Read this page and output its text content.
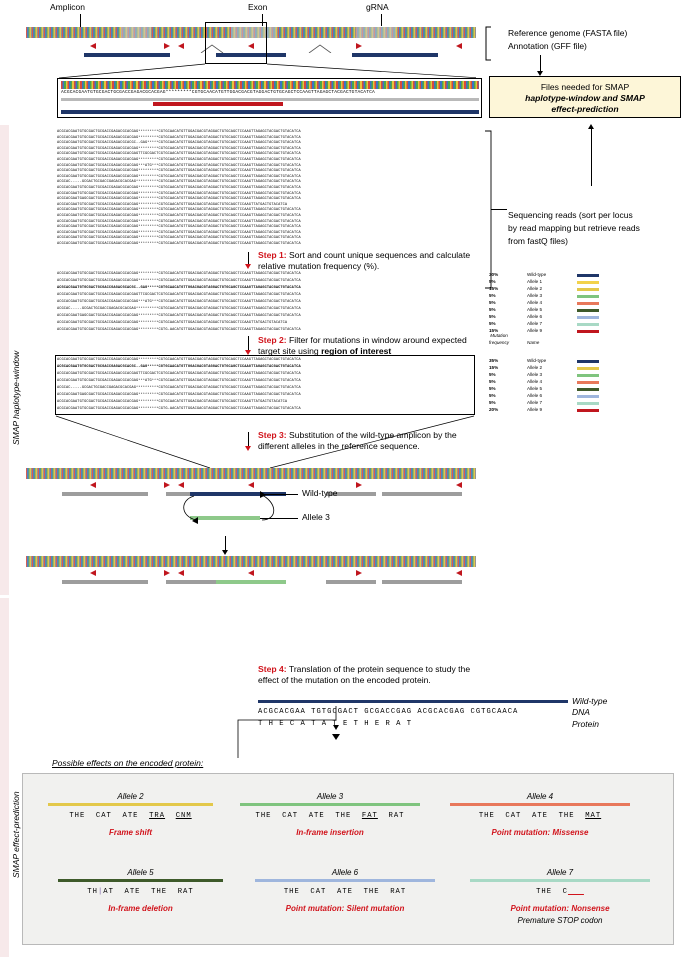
SMAP haplotype-window
SMAP effect-prediction
Amplicon	Exon	gRNA
Reference genome (FASTA file)
Annotation (GFF file)
Files needed for SMAP
haplotype-window and SMAP
effect-prediction
Sequencing reads (sort per locus
by read mapping but retrieve reads
from fastQ files)
ACGCACGAATGTGCGACTGCGACCGAGACGCACGAG*********CGTGCAACATGTTGGACGACGTAGGACTGTGCAGCTCCAAGTTAGAGCTACGACTGTACATCA
ACGCACGAATGTGCGACTGCGACCGAGACGCACGAG*********CGTGCAACATGTTGGACGACGTAGGACTGTGCAGCTCCAAGTTAGAGCTACGACTGTACATCA
ACGCACGAATGTGCGACTGCGACCGAGACGCACGAG*********CGTGCAACATGTTGGACGACGTAGGACTGTGCAGCTCCAAGTTAGAGCTACGACTGTACATCA
ACGCACGAATGTGCGACTGCGACCGAGACGCACGC--GAG*****CGTGCAACATGTTGGACGACGTAGGACTGTGCAGCTCCAAGTTAGAGCTACGACTGTACATCA
ACGCACGAATGTGCGACTGCGACCGAGACGCACGAG*********CGTGCAACATGTTGGACGACGTAGGACTGTGCAGCTCCAAGTTAGAGCTACGACTGTACATCA
ACGCACGAATGTGCGACTGCGACCGAGACGCACGAGTTCGCGACTCGTGCAACATGTTGGACGACGTAGGACTGTGCAGCTCCAAGTTAGAGCTACGACTGTACATCA
ACGCACGAATGTGCGACTGCGACCGAGACGCACGAG*********CGTGCAACATGTTGGACGACGTAGGACTGTGCAGCTCCAAGTTAGAGCTACGACTGTACATCA
ACGCACGAATGTGCGACTGCGACCGAGACGCACGAG***ATG***CGTGCAACATGTTGGACGACGTAGGACTGTGCAGCTCCAAGTTAGAGCTACGACTGTACATCA
ACGCACGAATGTGCGACTGCGACCGAGACGCACGAG*********CGTGCAACATGTTGGACGACGTAGGACTGTGCAGCTCCAAGTTAGAGCTACGACTGTACATCA
ACGCACGAATGTGCGACTGCGACCGAGACGCACGAG*********CGTGCAACATGTTGGACGACGTAGGACTGTGCAGCTCCAAGTTAGAGCTACGACTGTACATCA
ACGCAC-----GCGACTGCGACCGAGACGCACGAG**********CGTGCAACATGTTGGACGACGTAGGACTGTGCAGCTCCAAGTTAGAGCTACGACTGTACATCA
ACGCACGAATGTGCGACTGCGACCGAGACGCACGAG*********CGTGCAACATGTTGGACGACGTAGGACTGTGCAGCTCCAAGTTAGAGCTACGACTGTACATCA
ACGCACGAATGTGCGACTGCGACCGAGACGCACGAG*********CGTGCAACATGTTGGACGACGTAGGACTGTGCAGCTCCAAGTTAGAGCTACGACTGTACATCA
ACGCACGAATGAGCGACTGCGACCGAGACGCACGAG*********CGTGCAACATGTTGGACGACGTAGGACTGTGCAGCTCCAAGTTAGAGCTACGACTGTACATCA
ACGCACGAATGTGCGACTGCGACCGAGACGCACGAG*********CGTGCAACATGTTGGACGACGTAGGACTGTGCAGCTCCAAGTTATGACTGTACATCA
ACGCACGAATGTGCGACTGCGACCGAGACGCACGAG*********CGTGCAACATGTTGGACGACGTAGGACTGTGCAGCTCCAAGTTAGAGCTACGACTGTACATCA
ACGCACGAATGTGCGACTGCGACCGAGACGCACGAG*********CGTGCAACATGTTGGACGACGTAGGACTGTGCAGCTCCAAGTTAGAGCTACGACTGTACATCA
ACGCACGAATGTGCGACTGCGACCGAGACGCACGAG*********CGTGCAACATGTTGGACGACGTAGGACTGTGCAGCTCCAAGTTAGAGCTACGACTGTACATCA
ACGCACGAATGTGCGACTGCGACCGAGACGCACGAG*********CGTGCAACATGTTGGACGACGTAGGACTGTGCAGCTCCAAGTTAGAGCTACGACTGTACATCA
ACGCACGAATGTGCGACTGCGACCGAGACGCACGAG*********CGTGCAACATGTTGGACGACGTAGGACTGTGCAGCTCCAAGTTAGAGCTACGACTGTACATCA
ACGCACGAATGTGCGACTGCGACCGAGACGCACGAG*********CGTGCAACATGTTGGACGACGTAGGACTGTGCAGCTCCAAGTTAGAGCTACGACTGTACATCA
ACGCACGAATGTGCGACTGCGACCGAGACGCACGAG*********CGTGCAACATGTTGGACGACGTAGGACTGTGCAGCTCCAAGTTAGAGCTACGACTGTACATCA
Step 1: Sort and count unique sequences and calculate relative mutation frequency (%).
ACGCACGAATGTGCGACTGCGACCGAGACGCACGAG*********CGTGCAACATGTTGGACGACGTAGGACTGTGCAGCTCCAAGTTAGAGCTACGACTGTACATCA	30%	Wild-type
ACGCACGAATGTGCGACTGCGACCGAGACGCACGAG*********CGTGCAACATGTTGGACGACGTAGGACTGTGCAGCTCCAAGTTAGAGCTACGACTGTACATCA	5%	Allele 1
ACGCACGAATGTGCGACTGCGACCGAGACGCACGC--GAG*****CGTGCAACATGTTGGACGACGTAGGACTGTGCAGCTCCAAGTTAGAGCTACGACTGTACATCA	15%	Allele 2
ACGCACGAATGTGCGACTGCGACCGAGACGCACGAGTTCGCGACTCGTGCAACATGTTGGACGACGTAGGACTGTGCAGCTCCAAGTTAGAGCTACGACTGTACATCA	5%	Allele 3
ACGCACGAATGTGCGACTGCGACCGAGACGCACGAG***ATG***CGTGCAACATGTTGGACGACGTAGGACTGTGCAGCTCCAAGTTAGAGCTACGACTGTACATCA	5%	Allele 4
ACGCAC-----GCGACTGCGACCGAGACGCACGAG**********CGTGCAACATGTTGGACGACGTAGGACTGTGCAGCTCCAAGTTAGAGCTACGACTGTACATCA	5%	Allele 5
ACGCACGAATGAGCGACTGCGACCGAGACGCACGAG*********CGTGCAACATGTTGGACGACGTAGGACTGTGCAGCTCCAAGTTAGAGCTACGACTGTACATCA	5%	Allele 6
ACGCACGAATGTGCGACTGCGACCGAGACGCACGAG*********CGTGCAACATGTTGGACGACGTAGGACTGTGCAGCTCCAAGTTATGACTGTACATCA	5%	Allele 7
ACGCACGAATGTGCGACTGCGACCGAGACGCACGAG*********CGTG-AACATGTTGGACGACGTAGGACTGTGCAGCTCCAAGTTAGAGCTACGACTGTACATCA	15%	Allele 9
Step 2: Filter for mutations in window around expected target site using region of interest
Mutation frequency	Name
ACGCACGAATGTGCGACTGCGACCGAGACGCACGAG*********CGTGCAACATGTTGGACGACGTAGGACTGTGCAGCTCCAAGTTAGAGCTACGACTGTACATCA	35%	Wild-type
ACGCACGAATGTGCGACTGCGACCGAGACGCACGC--GAG*****CGTGCAACATGTTGGACGACGTAGGACTGTGCAGCTCCAAGTTAGAGCTACGACTGTACATCA	15%	Allele 2
ACGCACGAATGTGCGACTGCGACCGAGACGCACGAGTTCGCGACTCGTGCAACATGTTGGACGACGTAGGACTGTGCAGCTCCAAGTTAGAGCTACGACTGTACATCA	5%	Allele 3
ACGCACGAATGTGCGACTGCGACCGAGACGCACGAG***ATG***CGTGCAACATGTTGGACGACGTAGGACTGTGCAGCTCCAAGTTAGAGCTACGACTGTACATCA	5%	Allele 4
ACGCAC-----GCGACTGCGACCGAGACGCACGAG**********CGTGCAACATGTTGGACGACGTAGGACTGTGCAGCTCCAAGTTAGAGCTACGACTGTACATCA	5%	Allele 5
ACGCACGAATGAGCGACTGCGACCGAGACGCACGAG*********CGTGCAACATGTTGGACGACGTAGGACTGTGCAGCTCCAAGTTAGAGCTACGACTGTACATCA	5%	Allele 6
ACGCACGAATGTGCGACTGCGACCGAGACGCACGAG*********CGTGCAACATGTTGGACGACGTAGGACTGTGCAGCTCCAAGTTATGACTGTACATCA	5%	Allele 7
ACGCACGAATGTGCGACTGCGACCGAGACGCACGAG*********CGTG-AACATGTTGGACGACGTAGGACTGTGCAGCTCCAAGTTAGAGCTACGACTGTACATCA	20%	Allele 9
Step 3: Substitution of the wild-type amplicon by the different alleles in the reference sequence.
Wild-type
Allele 3
Step 4: Translation of the protein sequence to study the effect of the mutation on the encoded protein.
Wild-type
ACGCACGAA TGTGCGACT GCGACCGAG ACGCACGAG CGTGCAACA	DNA
T H E C A T A T E T H E R A T	Protein
Possible effects on the encoded protein:
Allele 2
THE CAT ATE TRA CNM
Frame shift
Allele 3
THE CAT ATE THE FAT RAT
In-frame insertion
Allele 4
THE CAT ATE THE MAT
Point mutation: Missense
Allele 5
TH|AT ATE THE RAT
In-frame deletion
Allele 6
THE CAT ATE THE RAT
Point mutation: Silent mutation
Allele 7
THE C
Point mutation: Nonsense
Premature STOP codon
